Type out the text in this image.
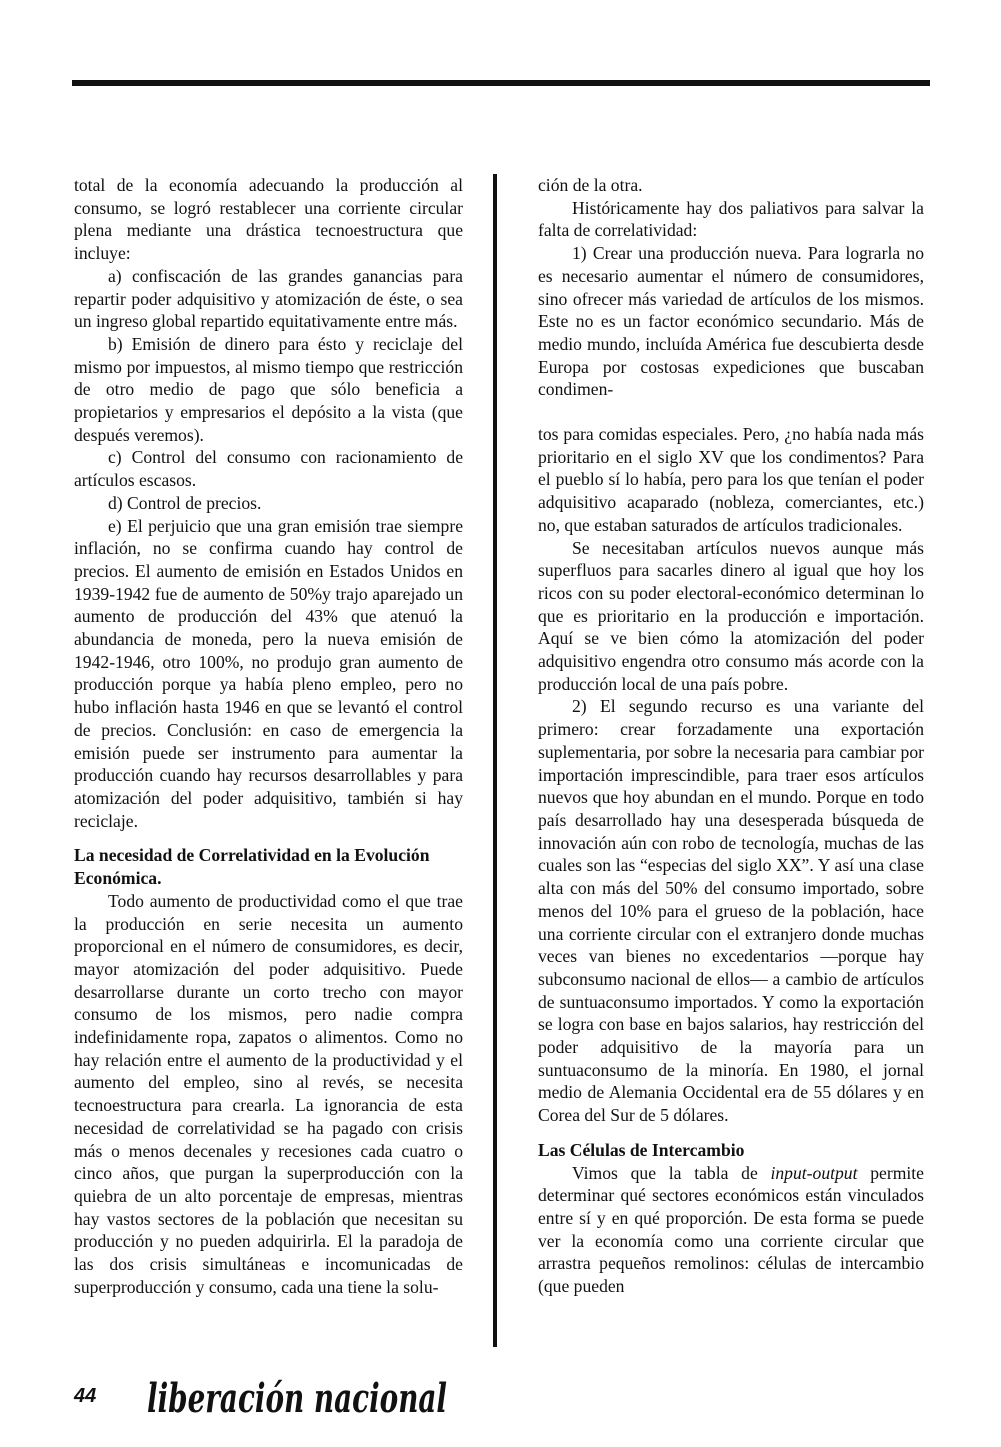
total de la economía adecuando la producción al consumo, se logró restablecer una corriente circular plena mediante una drástica tecnoestructura que incluye:

a) confiscación de las grandes ganancias para repartir poder adquisitivo y atomización de éste, o sea un ingreso global repartido equitativamente entre más.

b) Emisión de dinero para ésto y reciclaje del mismo por impuestos, al mismo tiempo que restricción de otro medio de pago que sólo beneficia a propietarios y empresarios el depósito a la vista (que después veremos).

c) Control del consumo con racionamiento de artículos escasos.

d) Control de precios.

e) El perjuicio que una gran emisión trae siempre inflación, no se confirma cuando hay control de precios. El aumento de emisión en Estados Unidos en 1939-1942 fue de aumento de 50%y trajo aparejado un aumento de producción del 43% que atenuó la abundancia de moneda, pero la nueva emisión de 1942-1946, otro 100%, no produjo gran aumento de producción porque ya había pleno empleo, pero no hubo inflación hasta 1946 en que se levantó el control de precios. Conclusión: en caso de emergencia la emisión puede ser instrumento para aumentar la producción cuando hay recursos desarrollables y para atomización del poder adquisitivo, también si hay reciclaje.

La necesidad de Correlatividad en la Evolución Económica.

Todo aumento de productividad como el que trae la producción en serie necesita un aumento proporcional en el número de consumidores, es decir, mayor atomización del poder adquisitivo. Puede desarrollarse durante un corto trecho con mayor consumo de los mismos, pero nadie compra indefinidamente ropa, zapatos o alimentos. Como no hay relación entre el aumento de la productividad y el aumento del empleo, sino al revés, se necesita tecnoestructura para crearla. La ignorancia de esta necesidad de correlatividad se ha pagado con crisis más o menos decenales y recesiones cada cuatro o cinco años, que purgan la superproducción con la quiebra de un alto porcentaje de empresas, mientras hay vastos sectores de la población que necesitan su producción y no pueden adquirirla. El la paradoja de las dos crisis simultáneas e incomunicadas de superproducción y consumo, cada una tiene la solu-

ción de la otra.

Históricamente hay dos paliativos para salvar la falta de correlatividad:

1) Crear una producción nueva. Para lograrla no es necesario aumentar el número de consumidores, sino ofrecer más variedad de artículos de los mismos. Este no es un factor económico secundario. Más de medio mundo, incluída América fue descubierta desde Europa por costosas expediciones que buscaban condimen-

tos para comidas especiales. Pero, ¿no había nada más prioritario en el siglo XV que los condimentos? Para el pueblo sí lo había, pero para los que tenían el poder adquisitivo acaparado (nobleza, comerciantes, etc.) no, que estaban saturados de artículos tradicionales.

Se necesitaban artículos nuevos aunque más superfluos para sacarles dinero al igual que hoy los ricos con su poder electoral-económico determinan lo que es prioritario en la producción e importación. Aquí se ve bien cómo la atomización del poder adquisitivo engendra otro consumo más acorde con la producción local de una país pobre.

2) El segundo recurso es una variante del primero: crear forzadamente una exportación suplementaria, por sobre la necesaria para cambiar por importación imprescindible, para traer esos artículos nuevos que hoy abundan en el mundo. Porque en todo país desarrollado hay una desesperada búsqueda de innovación aún con robo de tecnología, muchas de las cuales son las “especias del siglo XX”. Y así una clase alta con más del 50% del consumo importado, sobre menos del 10% para el grueso de la población, hace una corriente circular con el extranjero donde muchas veces van bienes no excedentarios —porque hay subconsumo nacional de ellos— a cambio de artículos de suntuaconsumo importados. Y como la exportación se logra con base en bajos salarios, hay restricción del poder adquisitivo de la mayoría para un suntuaconsumo de la minoría. En 1980, el jornal medio de Alemania Occidental era de 55 dólares y en Corea del Sur de 5 dólares.

Las Células de Intercambio

Vimos que la tabla de input-output permite determinar qué sectores económicos están vinculados entre sí y en qué proporción. De esta forma se puede ver la economía como una corriente circular que arrastra pequeños remolinos: células de intercambio (que pueden

44 liberación nacional
